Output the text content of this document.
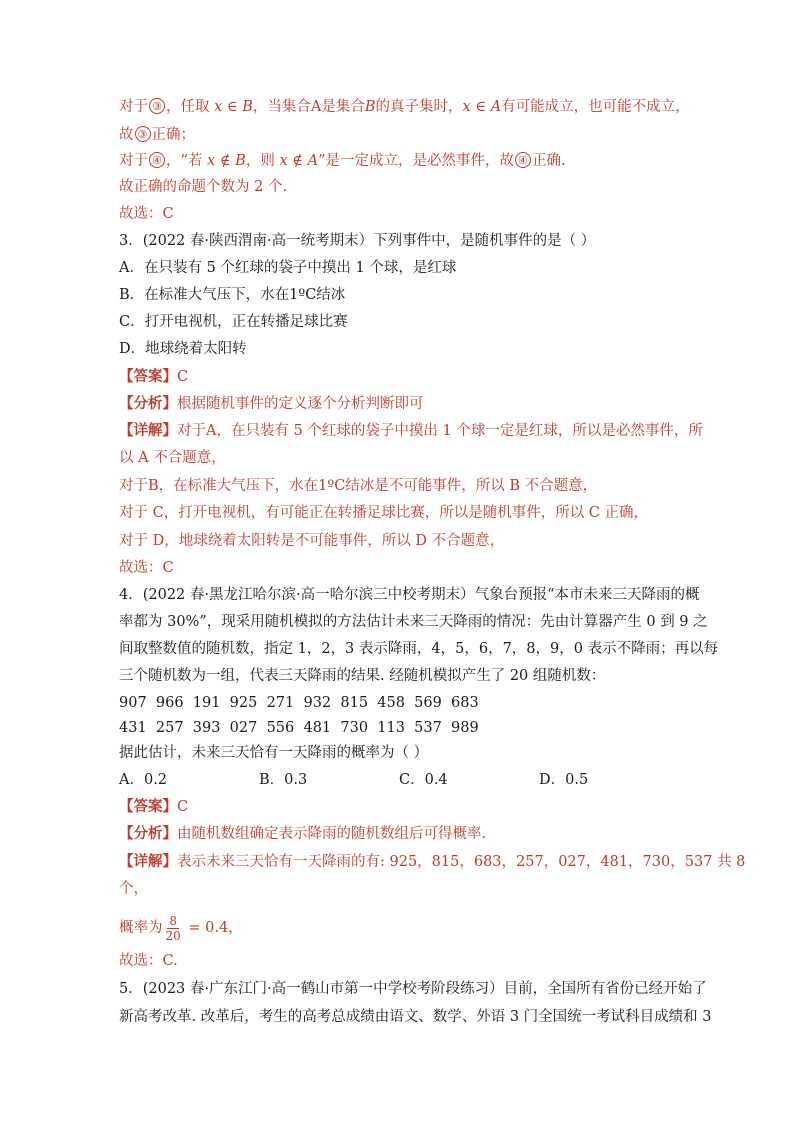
对于 ③ ，任取 x ∈ B，当集合A是集合B的真子集时，x ∈ A有可能成立，也可能不成立，
故 ③ 正确；
对于 ④ ，“若 x ∉ B，则 x ∉ A”是一定成立，是必然事件，故 ④ 正确.
故正确的命题个数为 2 个.
故选：C
3．(2022 春·陕西渭南·高一统考期末）下列事件中，是随机事件的是（ ）
A．在只装有 5 个红球的袋子中摸出 1 个球，是红球
B．在标准大气压下，水在1ºC结冰
C．打开电视机，正在转播足球比赛
D．地球绕着太阳转
【答案】C
【分析】根据随机事件的定义逐个分析判断即可
【详解】对于A，在只装有 5 个红球的袋子中摸出 1 个球一定是红球，所以是必然事件，所
以 A 不合题意，
对于B，在标准大气压下，水在1ºC结冰是不可能事件，所以 B 不合题意，
对于 C，打开电视机，有可能正在转播足球比赛，所以是随机事件，所以 C 正确，
对于 D，地球绕着太阳转是不可能事件，所以 D 不合题意，
故选：C
4．(2022 春·黑龙江哈尔滨·高一哈尔滨三中校考期末）气象台预报“本市未来三天降雨的概
率都为 30%”，现采用随机模拟的方法估计未来三天降雨的情况：先由计算器产生 0 到 9 之
间取整数值的随机数，指定 1，2，3 表示降雨，4，5，6，7，8，9，0 表示不降雨；再以每
三个随机数为一组，代表三天降雨的结果. 经随机模拟产生了 20 组随机数：
907  966  191  925  271  932  815  458  569  683
431  257  393  027  556  481  730  113  537  989
据此估计，未来三天恰有一天降雨的概率为（ ）
A．0.2	B．0.3	C．0.4	D．0.5
【答案】C
【分析】由随机数组确定表示降雨的随机数组后可得概率.
【详解】表示未来三天恰有一天降雨的有: 925，815，683，257，027，481，730，537 共 8
个，
概率为 $\frac{8}{20} = 0.4$，
故选：C.
5．(2023 春·广东江门·高一鹤山市第一中学校考阶段练习）目前，全国所有省份已经开始了
新高考改革. 改革后，考生的高考总成绩由语文、数学、外语 3 门全国统一考试科目成绩和 3
